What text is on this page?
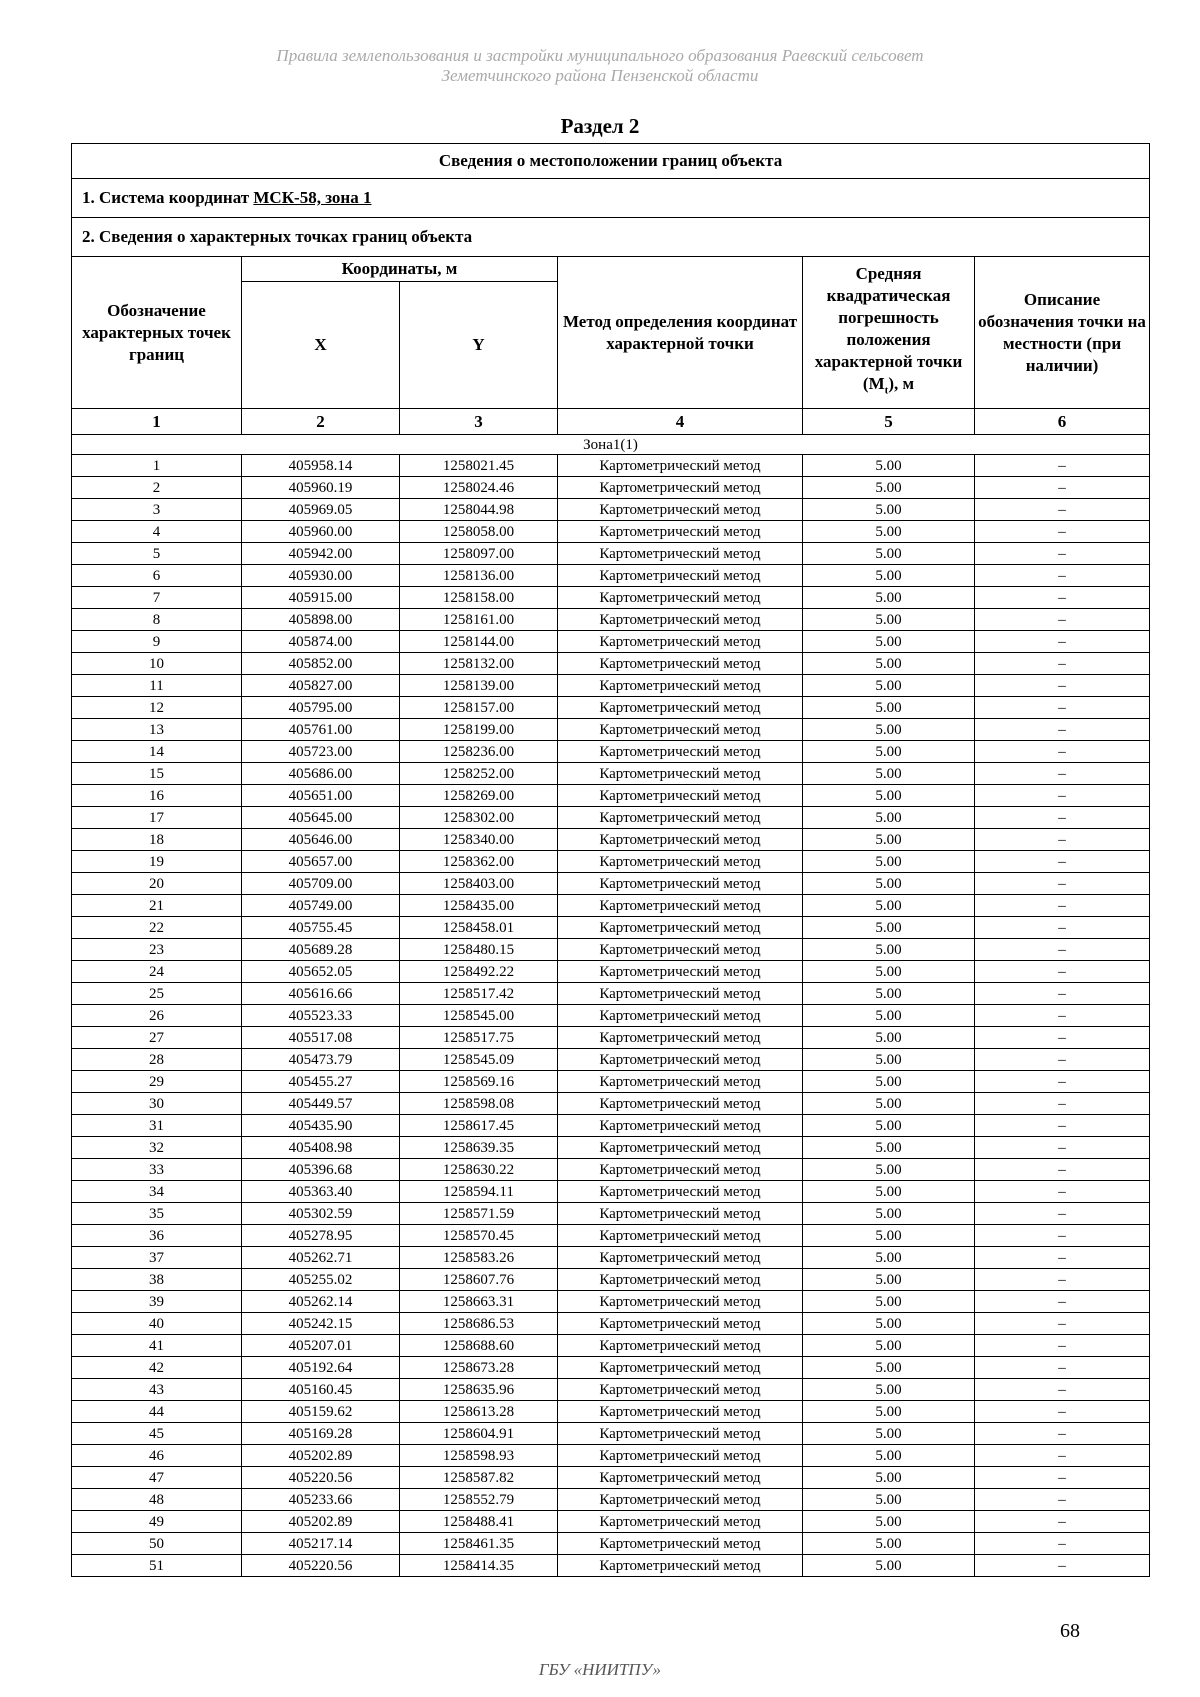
Правила землепользования и застройки муниципального образования Раевский сельсовет
Земетчинского района Пензенской области
Раздел 2
Сведения о местоположении границ объекта					
1. Система координат МСК-58, зона 1					
2. Сведения о характерных точках границ объекта					
Обозначение характерных точек границ	Координаты, м		Метод определения координат характерной точки	Средняя квадратическая погрешность положения характерной точки $(M_t)$, м	Описание обозначения точки на местности (при наличии)
	X	Y			
1	2	3	4	5	6
Зона1(1)					
1	405958.14	1258021.45	Картометрический метод	5.00	–
2	405960.19	1258024.46	Картометрический метод	5.00	–
3	405969.05	1258044.98	Картометрический метод	5.00	–
4	405960.00	1258058.00	Картометрический метод	5.00	–
5	405942.00	1258097.00	Картометрический метод	5.00	–
6	405930.00	1258136.00	Картометрический метод	5.00	–
7	405915.00	1258158.00	Картометрический метод	5.00	–
8	405898.00	1258161.00	Картометрический метод	5.00	–
9	405874.00	1258144.00	Картометрический метод	5.00	–
10	405852.00	1258132.00	Картометрический метод	5.00	–
11	405827.00	1258139.00	Картометрический метод	5.00	–
12	405795.00	1258157.00	Картометрический метод	5.00	–
13	405761.00	1258199.00	Картометрический метод	5.00	–
14	405723.00	1258236.00	Картометрический метод	5.00	–
15	405686.00	1258252.00	Картометрический метод	5.00	–
16	405651.00	1258269.00	Картометрический метод	5.00	–
17	405645.00	1258302.00	Картометрический метод	5.00	–
18	405646.00	1258340.00	Картометрический метод	5.00	–
19	405657.00	1258362.00	Картометрический метод	5.00	–
20	405709.00	1258403.00	Картометрический метод	5.00	–
21	405749.00	1258435.00	Картометрический метод	5.00	–
22	405755.45	1258458.01	Картометрический метод	5.00	–
23	405689.28	1258480.15	Картометрический метод	5.00	–
24	405652.05	1258492.22	Картометрический метод	5.00	–
25	405616.66	1258517.42	Картометрический метод	5.00	–
26	405523.33	1258545.00	Картометрический метод	5.00	–
27	405517.08	1258517.75	Картометрический метод	5.00	–
28	405473.79	1258545.09	Картометрический метод	5.00	–
29	405455.27	1258569.16	Картометрический метод	5.00	–
30	405449.57	1258598.08	Картометрический метод	5.00	–
31	405435.90	1258617.45	Картометрический метод	5.00	–
32	405408.98	1258639.35	Картометрический метод	5.00	–
33	405396.68	1258630.22	Картометрический метод	5.00	–
34	405363.40	1258594.11	Картометрический метод	5.00	–
35	405302.59	1258571.59	Картометрический метод	5.00	–
36	405278.95	1258570.45	Картометрический метод	5.00	–
37	405262.71	1258583.26	Картометрический метод	5.00	–
38	405255.02	1258607.76	Картометрический метод	5.00	–
39	405262.14	1258663.31	Картометрический метод	5.00	–
40	405242.15	1258686.53	Картометрический метод	5.00	–
41	405207.01	1258688.60	Картометрический метод	5.00	–
42	405192.64	1258673.28	Картометрический метод	5.00	–
43	405160.45	1258635.96	Картометрический метод	5.00	–
44	405159.62	1258613.28	Картометрический метод	5.00	–
45	405169.28	1258604.91	Картометрический метод	5.00	–
46	405202.89	1258598.93	Картометрический метод	5.00	–
47	405220.56	1258587.82	Картометрический метод	5.00	–
48	405233.66	1258552.79	Картометрический метод	5.00	–
49	405202.89	1258488.41	Картометрический метод	5.00	–
50	405217.14	1258461.35	Картометрический метод	5.00	–
51	405220.56	1258414.35	Картометрический метод	5.00	–
68
ГБУ «НИИТПУ»
